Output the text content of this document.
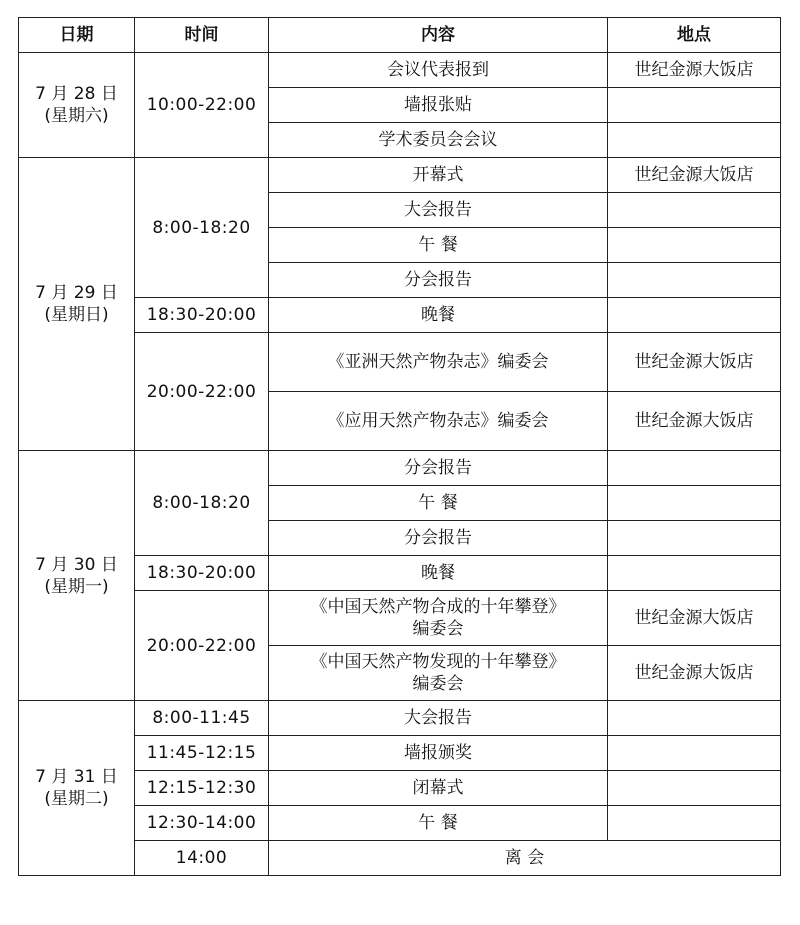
日期	时间	内容	地点

7 月 28 日
(星期六)	10:00-22:00	会议代表报到	世纪金源大饭店
		墙报张贴	
		学术委员会会议	

7 月 29 日
(星期日)	8:00-18:20	开幕式	世纪金源大饭店
		大会报告	
		午 餐	
		分会报告	
	18:30-20:00	晚餐	
	20:00-22:00	《亚洲天然产物杂志》编委会	世纪金源大饭店
		《应用天然产物杂志》编委会	世纪金源大饭店

7 月 30 日
(星期一)	8:00-18:20	分会报告	
		午 餐	
		分会报告	
	18:30-20:00	晚餐	
	20:00-22:00	《中国天然产物合成的十年攀登》
编委会	世纪金源大饭店

		《中国天然产物发现的十年攀登》
编委会	世纪金源大饭店

7 月 31 日
(星期二)	8:00-11:45	大会报告	
	11:45-12:15	墙报颁奖	
	12:15-12:30	闭幕式	
	12:30-14:00	午 餐	
	14:00	离 会	
